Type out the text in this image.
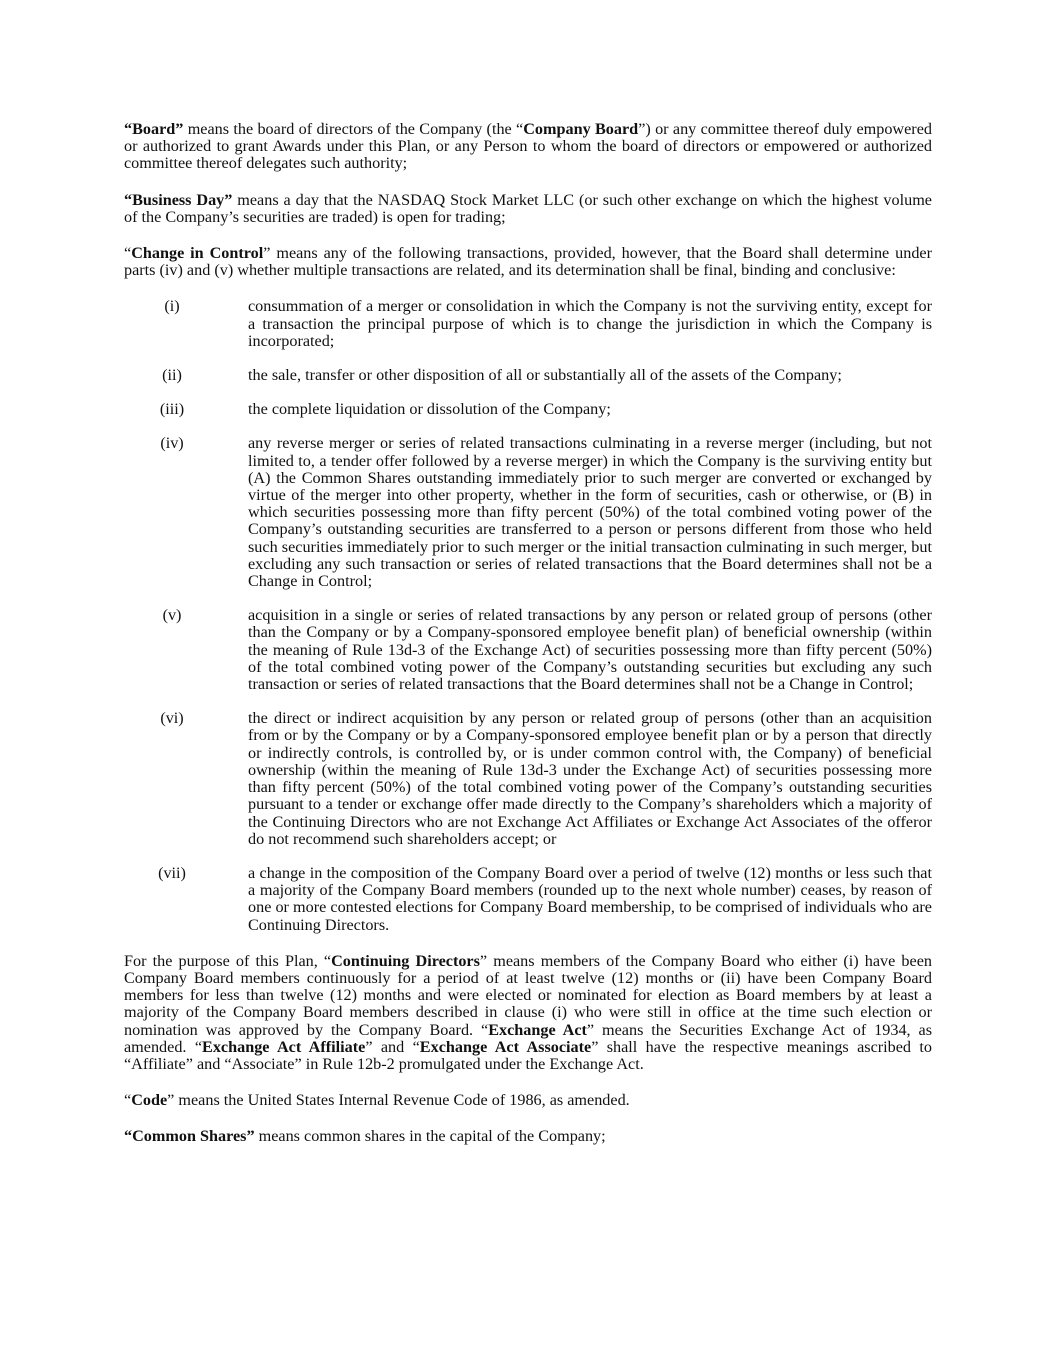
“Board” means the board of directors of the Company (the “Company Board”) or any committee thereof duly empowered or authorized to grant Awards under this Plan, or any Person to whom the board of directors or empowered or authorized committee thereof delegates such authority;

“Business Day” means a day that the NASDAQ Stock Market LLC (or such other exchange on which the highest volume of the Company’s securities are traded) is open for trading;

“Change in Control” means any of the following transactions, provided, however, that the Board shall determine under parts (iv) and (v) whether multiple transactions are related, and its determination shall be final, binding and conclusive:

(i)	consummation of a merger or consolidation in which the Company is not the surviving entity, except for a transaction the principal purpose of which is to change the jurisdiction in which the Company is incorporated;
(ii)	the sale, transfer or other disposition of all or substantially all of the assets of the Company;
(iii)	the complete liquidation or dissolution of the Company;
(iv)	any reverse merger or series of related transactions culminating in a reverse merger (including, but not limited to, a tender offer followed by a reverse merger) in which the Company is the surviving entity but (A) the Common Shares outstanding immediately prior to such merger are converted or exchanged by virtue of the merger into other property, whether in the form of securities, cash or otherwise, or (B) in which securities possessing more than fifty percent (50%) of the total combined voting power of the Company’s outstanding securities are transferred to a person or persons different from those who held such securities immediately prior to such merger or the initial transaction culminating in such merger, but excluding any such transaction or series of related transactions that the Board determines shall not be a Change in Control;
(v)	acquisition in a single or series of related transactions by any person or related group of persons (other than the Company or by a Company-sponsored employee benefit plan) of beneficial ownership (within the meaning of Rule 13d-3 of the Exchange Act) of securities possessing more than fifty percent (50%) of the total combined voting power of the Company’s outstanding securities but excluding any such transaction or series of related transactions that the Board determines shall not be a Change in Control;
(vi)	the direct or indirect acquisition by any person or related group of persons (other than an acquisition from or by the Company or by a Company-sponsored employee benefit plan or by a person that directly or indirectly controls, is controlled by, or is under common control with, the Company) of beneficial ownership (within the meaning of Rule 13d-3 under the Exchange Act) of securities possessing more than fifty percent (50%) of the total combined voting power of the Company’s outstanding securities pursuant to a tender or exchange offer made directly to the Company’s shareholders which a majority of the Continuing Directors who are not Exchange Act Affiliates or Exchange Act Associates of the offeror do not recommend such shareholders accept; or
(vii)	a change in the composition of the Company Board over a period of twelve (12) months or less such that a majority of the Company Board members (rounded up to the next whole number) ceases, by reason of one or more contested elections for Company Board membership, to be comprised of individuals who are Continuing Directors.

For the purpose of this Plan, “Continuing Directors” means members of the Company Board who either (i) have been Company Board members continuously for a period of at least twelve (12) months or (ii) have been Company Board members for less than twelve (12) months and were elected or nominated for election as Board members by at least a majority of the Company Board members described in clause (i) who were still in office at the time such election or nomination was approved by the Company Board. “Exchange Act” means the Securities Exchange Act of 1934, as amended. “Exchange Act Affiliate” and “Exchange Act Associate” shall have the respective meanings ascribed to “Affiliate” and “Associate” in Rule 12b-2 promulgated under the Exchange Act.

“Code” means the United States Internal Revenue Code of 1986, as amended.

“Common Shares” means common shares in the capital of the Company;
